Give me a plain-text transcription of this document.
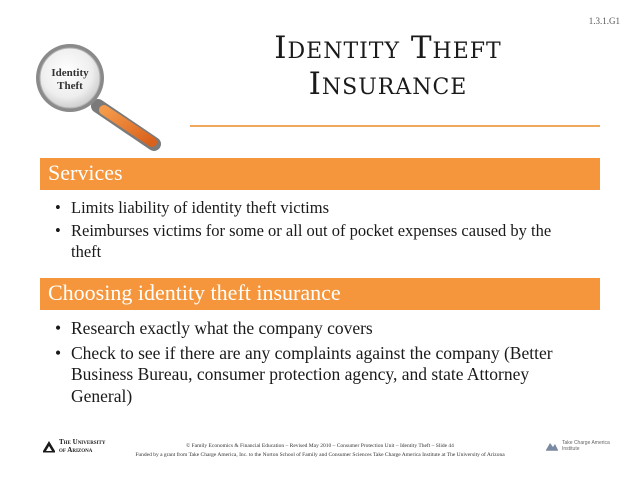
1.3.1.G1
Identity
Theft
Identity Theft
Insurance
Services
• Limits liability of identity theft victims
• Reimburses victims for some or all out of pocket expenses caused by the theft
Choosing identity theft insurance
• Research exactly what the company covers
• Check to see if there are any complaints against the company (Better Business Bureau, consumer protection agency, and state Attorney General)
The University
of Arizona	© Family Economics & Financial Education – Revised May 2010 – Consumer Protection Unit – Identity Theft – Slide 44
Funded by a grant from Take Charge America, Inc. to the Norton School of Family and Consumer Sciences Take Charge America Institute at The University of Arizona
Take Charge America
Institute
